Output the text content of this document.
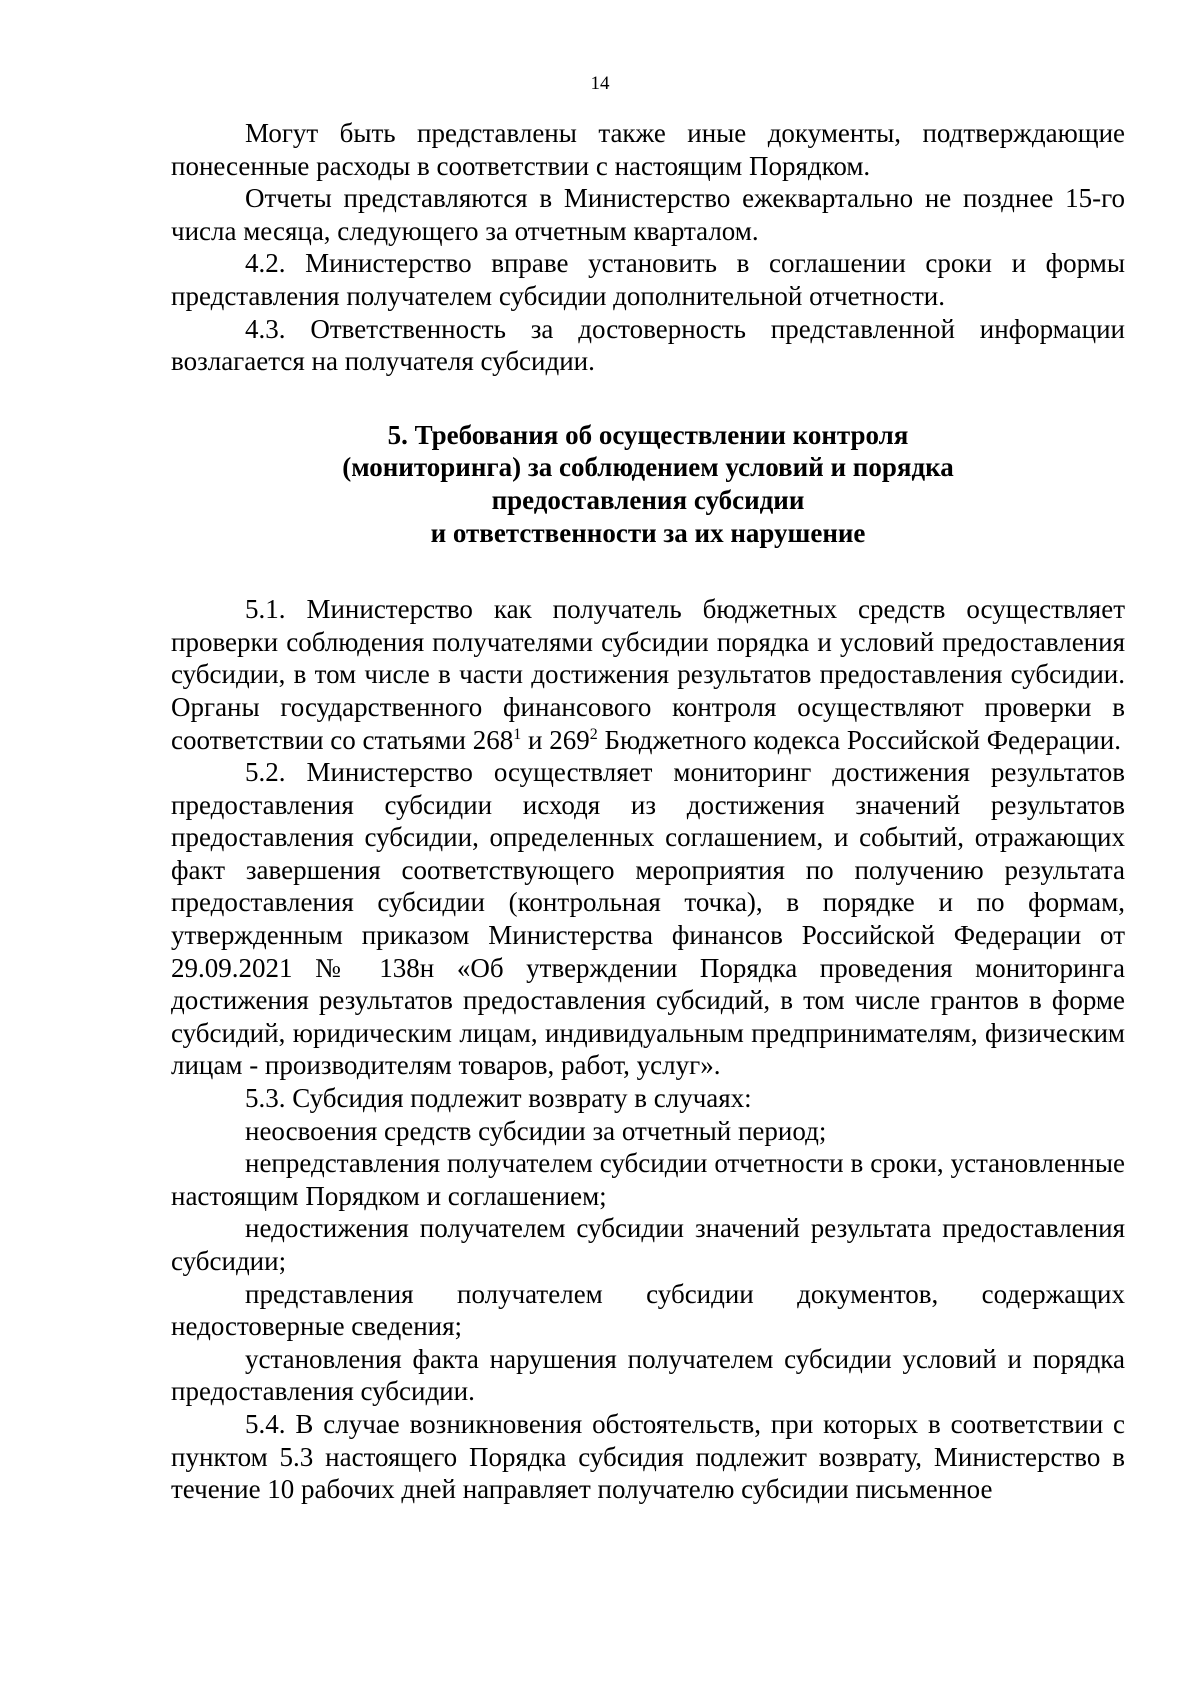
14

Могут быть представлены также иные документы, подтверждающие понесенные расходы в соответствии с настоящим Порядком.

Отчеты представляются в Министерство ежеквартально не позднее 15-го числа месяца, следующего за отчетным кварталом.

4.2. Министерство вправе установить в соглашении сроки и формы представления получателем субсидии дополнительной отчетности.

4.3. Ответственность за достоверность представленной информации возлагается на получателя субсидии.

5. Требования об осуществлении контроля

(мониторинга) за соблюдением условий и порядка

предоставления субсидии

и ответственности за их нарушение

5.1. Министерство как получатель бюджетных средств осуществляет проверки соблюдения получателями субсидии порядка и условий предоставления субсидии, в том числе в части достижения результатов предоставления субсидии. Органы государственного финансового контроля осуществляют проверки в соответствии со статьями $268^1$ и $269^2$ Бюджетного кодекса Российской Федерации.

5.2. Министерство осуществляет мониторинг достижения результатов предоставления субсидии исходя из достижения значений результатов предоставления субсидии, определенных соглашением, и событий, отражающих факт завершения соответствующего мероприятия по получению результата предоставления субсидии (контрольная точка), в порядке и по формам, утвержденным приказом Министерства финансов Российской Федерации от 29.09.2021 № 138н «Об утверждении Порядка проведения мониторинга достижения результатов предоставления субсидий, в том числе грантов в форме субсидий, юридическим лицам, индивидуальным предпринимателям, физическим лицам - производителям товаров, работ, услуг».

5.3. Субсидия подлежит возврату в случаях:

неосвоения средств субсидии за отчетный период;

непредставления получателем субсидии отчетности в сроки, установленные настоящим Порядком и соглашением;

недостижения получателем субсидии значений результата предоставления субсидии;

представления получателем субсидии документов, содержащих недостоверные сведения;

установления факта нарушения получателем субсидии условий и порядка предоставления субсидии.

5.4. В случае возникновения обстоятельств, при которых в соответствии с пунктом 5.3 настоящего Порядка субсидия подлежит возврату, Министерство в течение 10 рабочих дней направляет получателю субсидии письменное
